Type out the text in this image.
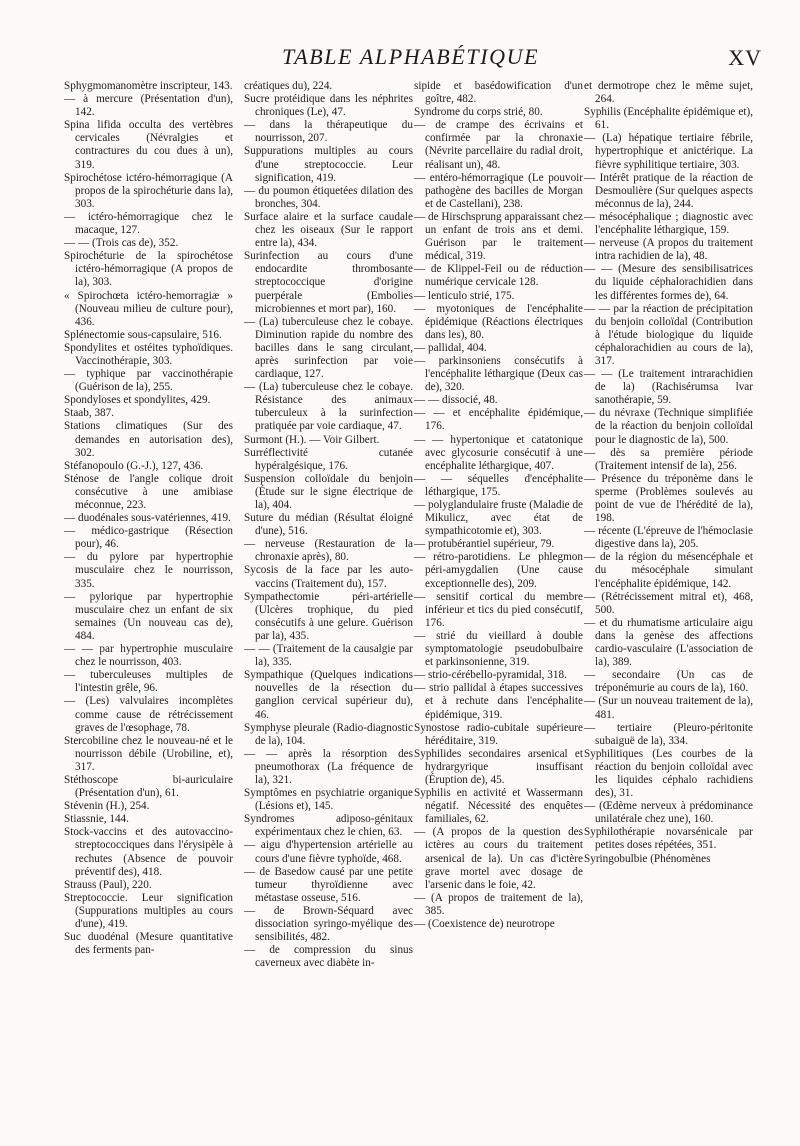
TABLE ALPHABÉTIQUE	XV

Sphygmomanomètre inscripteur, 143.

— à mercure (Présentation d'un), 142.

Spina lifida occulta des vertèbres cervicales (Névralgies et contractures du cou dues à un), 319.

Spirochétose ictéro-hémorragique (A propos de la spirochéturie dans la), 303.

— ictéro-hémorragique chez le macaque, 127.

— — (Trois cas de), 352.

Spirochéturie de la spirochétose ictéro-hémorragique (A propos de la), 303.

« Spirochœta ictéro-hemorragiæ » (Nouveau milieu de culture pour), 436.

Splénectomie sous-capsulaire, 516.

Spondylites et ostéites typhoïdiques. Vaccinothérapie, 303.

— typhique par vaccinothérapie (Guérison de la), 255.

Spondyloses et spondylites, 429.

Staab, 387.

Stations climatiques (Sur des demandes en autorisation des), 302.

Stéfanopoulo (G.-J.), 127, 436.

Sténose de l'angle colique droit consécutive à une amibiase méconnue, 223.

— duodénales sous-vatériennes, 419.

— médico-gastrique (Résection pour), 46.

— du pylore par hypertrophie musculaire chez le nourrisson, 335.

— pylorique par hypertrophie musculaire chez un enfant de six semaines (Un nouveau cas de), 484.

— — par hypertrophie musculaire chez le nourrisson, 403.

— tuberculeuses multiples de l'intestin grêle, 96.

— (Les) valvulaires incomplètes comme cause de rétrécissement graves de l'œsophage, 78.

Stercobiline chez le nouveau-né et le nourrisson débile (Urobiline, et), 317.

Stéthoscope bi-auriculaire (Présentation d'un), 61.

Stévenin (H.), 254.

Stiassnie, 144.

Stock-vaccins et des autovaccino-streptococciques dans l'érysipèle à rechutes (Absence de pouvoir préventif des), 418.

Strauss (Paul), 220.

Streptococcie. Leur signification (Suppurations multiples au cours d'une), 419.

Suc duodénal (Mesure quantitative des ferments pan-

créatiques du), 224.

Sucre protéidique dans les néphrites chroniques (Le), 47.

— dans la thérapeutique du nourrisson, 207.

Suppurations multiples au cours d'une streptococcie. Leur signification, 419.

— du poumon étiquetées dilation des bronches, 304.

Surface alaire et la surface caudale chez les oiseaux (Sur le rapport entre la), 434.

Surinfection au cours d'une endocardite thrombosante streptococcique d'origine puerpérale (Embolies microbiennes et mort par), 160.

— (La) tuberculeuse chez le cobaye. Diminution rapide du nombre des bacilles dans le sang circulant, après surinfection par voie cardiaque, 127.

— (La) tuberculeuse chez le cobaye. Résistance des animaux tuberculeux à la surinfection pratiquée par voie cardiaque, 47.

Surmont (H.). — Voir Gilbert.

Surréflectivité cutanée hypéralgésique, 176.

Suspension colloïdale du benjoin (Étude sur le signe électrique de la), 404.

Suture du médian (Résultat éloigné d'une), 516.

— nerveuse (Restauration de la chronaxie après), 80.

Sycosis de la face par les auto-vaccins (Traitement du), 157.

Sympathectomie péri-artérielle (Ulcères trophique, du pied consécutifs à une gelure. Guérison par la), 435.

— — (Traitement de la causalgie par la), 335.

Sympathique (Quelques indications nouvelles de la résection du ganglion cervical supérieur du), 46.

Symphyse pleurale (Radio-diagnostic de la), 104.

— — après la résorption des pneumothorax (La fréquence de la), 321.

Symptômes en psychiatrie organique (Lésions et), 145.

Syndromes adiposo-génitaux expérimentaux chez le chien, 63.

— aigu d'hypertension artérielle au cours d'une fièvre typhoïde, 468.

— de Basedow causé par une petite tumeur thyroïdienne avec métastase osseuse, 516.

— de Brown-Séquard avec dissociation syringo-myélique des sensibilités, 482.

— de compression du sinus caverneux avec diabète in-

sipide et basédowification d'un goître, 482.

Syndrome du corps strié, 80.

— de crampe des écrivains et confirmée par la chronaxie (Névrite parcellaire du radial droit, réalisant un), 48.

— entéro-hémorragique (Le pouvoir pathogène des bacilles de Morgan et de Castellani), 238.

— de Hirschsprung apparaissant chez un enfant de trois ans et demi. Guérison par le traitement médical, 319.

— de Klippel-Feil ou de réduction numérique cervicale 128.

— lenticulo strié, 175.

— myotoniques de l'encéphalite épidémique (Réactions électriques dans les), 80.

— pallidal, 404.

— parkinsoniens consécutifs à l'encéphalite léthargique (Deux cas de), 320.

— — dissocié, 48.

— — et encéphalite épidémique, 176.

— — hypertonique et catatonique avec glycosurie consécutif à une encéphalite léthargique, 407.

— — séquelles d'encéphalite léthargique, 175.

— polyglandulaire fruste (Maladie de Mikulicz, avec état de sympathicotomie et), 303.

— protubérantiel supérieur, 79.

— rétro-parotidiens. Le phlegmon péri-amygdalien (Une cause exceptionnelle des), 209.

— sensitif cortical du membre inférieur et tics du pied consécutif, 176.

— strié du vieillard à double symptomatologie pseudobulbaire et parkinsonienne, 319.

— strio-cérébello-pyramidal, 318.

— strio pallidal à étapes successives et à rechute dans l'encéphalite épidémique, 319.

Synostose radio-cubitale supérieure héréditaire, 319.

Syphilides secondaires arsenical et hydrargyrique insuffisant (Éruption de), 45.

Syphilis en activité et Wassermann négatif. Nécessité des enquêtes familiales, 62.

— (A propos de la question des ictères au cours du traitement arsenical de la). Un cas d'ictère grave mortel avec dosage de l'arsenic dans le foie, 42.

— (A propos de traitement de la), 385.

— (Coexistence de) neurotrope

et dermotrope chez le même sujet, 264.

Syphilis (Encéphalite épidémique et), 61.

— (La) hépatique tertiaire fébrile, hypertrophique et anictérique. La fièvre syphilitique tertiaire, 303.

— Intérêt pratique de la réaction de Desmoulière (Sur quelques aspects méconnus de la), 244.

— mésocéphalique ; diagnostic avec l'encéphalite léthargique, 159.

— nerveuse (A propos du traitement intra rachidien de la), 48.

— — (Mesure des sensibilisatrices du liquide céphalorachidien dans les différentes formes de), 64.

— — par la réaction de précipitation du benjoin colloïdal (Contribution à l'étude biologique du liquide céphalorachidien au cours de la), 317.

— — (Le traitement intrarachidien de la) (Rachisérumsa lvar sanothérapie, 59.

— du névraxe (Technique simplifiée de la réaction du benjoin colloïdal pour le diagnostic de la), 500.

— dès sa première période (Traitement intensif de la), 256.

— Présence du tréponème dans le sperme (Problèmes soulevés au point de vue de l'hérédité de la), 198.

— récente (L'épreuve de l'hémoclasie digestive dans la), 205.

— de la région du mésencéphale et du mésocéphale simulant l'encéphalite épidémique, 142.

— (Rétrécissement mitral et), 468, 500.

— et du rhumatisme articulaire aigu dans la genèse des affections cardio-vasculaire (L'association de la), 389.

— secondaire (Un cas de tréponémurie au cours de la), 160.

— (Sur un nouveau traitement de la), 481.

— tertiaire (Pleuro-péritonite subaiguë de la), 334.

Syphilitiques (Les courbes de la réaction du benjoin colloïdal avec les liquides céphalo rachidiens des), 31.

— (Œdème nerveux à prédominance unilatérale chez une), 160.

Syphilothérapie novarsénicale par petites doses répétées, 351.

Syringobulbie (Phénomènes
